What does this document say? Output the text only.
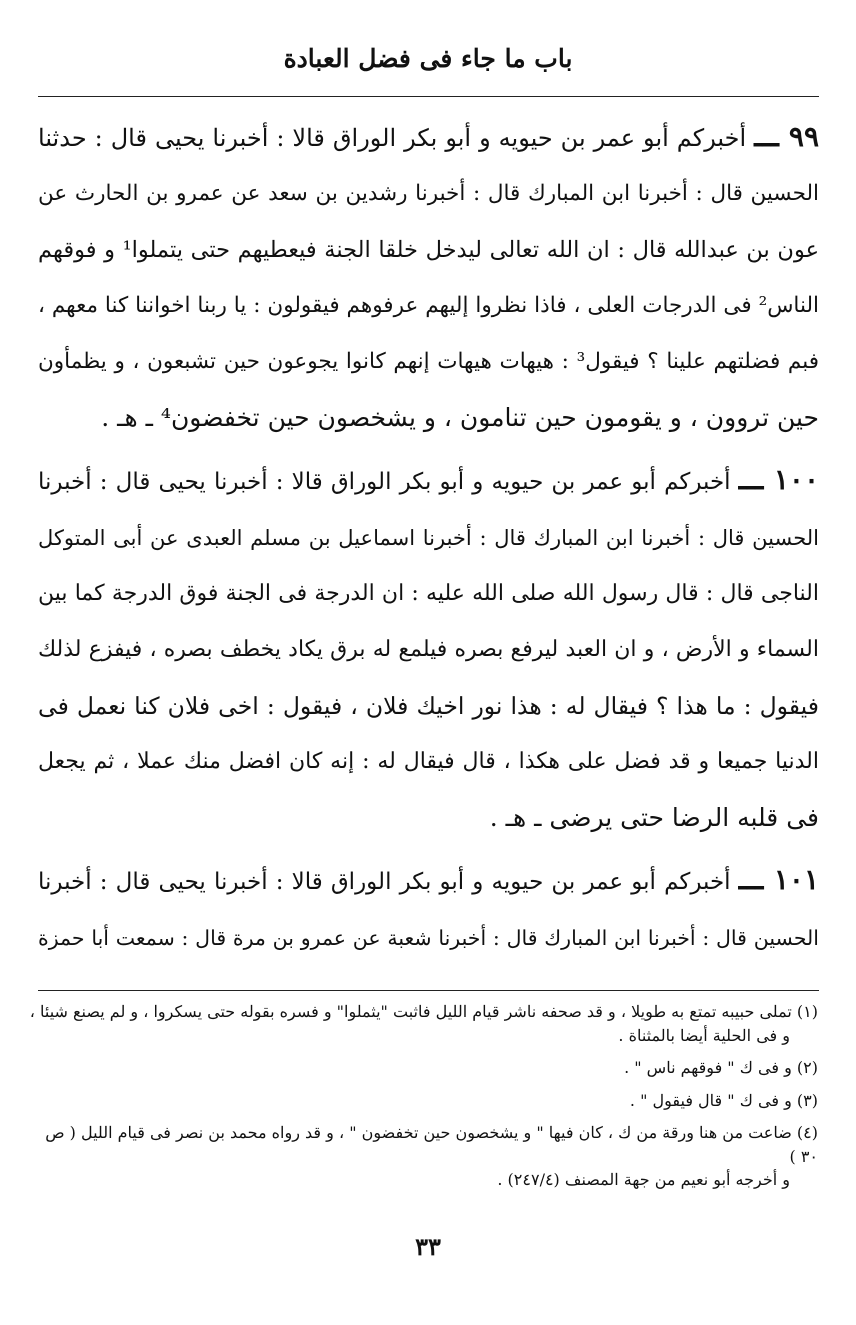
باب ما جاء فى فضل العبادة
٩٩ ـــ أخبركم أبو عمر بن حيويه و أبو بكر الوراق قالا : أخبرنا يحيى قال : حدثنا
الحسين قال : أخبرنا ابن المبارك قال : أخبرنا رشدين بن سعد عن عمرو بن الحارث عن
عون بن عبدالله قال : ان الله تعالى ليدخل خلقا الجنة فيعطيهم حتى يتملوا¹ و فوقهم
الناس² فى الدرجات العلى ، فاذا نظروا إليهم عرفوهم فيقولون : يا ربنا اخواننا كنا معهم ،
فبم فضلتهم علينا ؟ فيقول³ : هيهات هيهات إنهم كانوا يجوعون حين تشبعون ، و يظمأون
حين تروون ، و يقومون حين تنامون ، و يشخصون حين تخفضون⁴ ـ هـ .
١٠٠ ـــ أخبركم أبو عمر بن حيويه و أبو بكر الوراق قالا : أخبرنا يحيى قال : أخبرنا
الحسين قال : أخبرنا ابن المبارك قال : أخبرنا اسماعيل بن مسلم العبدى عن أبى المتوكل
الناجى قال : قال رسول الله صلى الله عليه : ان الدرجة فى الجنة فوق الدرجة كما بين
السماء و الأرض ، و ان العبد ليرفع بصره فيلمع له برق يكاد يخطف بصره ، فيفزع لذلك
فيقول : ما هذا ؟ فيقال له : هذا نور اخيك فلان ، فيقول : اخى فلان كنا نعمل فى
الدنيا جميعا و قد فضل على هكذا ، قال فيقال له : إنه كان افضل منك عملا ، ثم يجعل
فى قلبه الرضا حتى يرضى ـ هـ .
١٠١ ـــ أخبركم أبو عمر بن حيويه و أبو بكر الوراق قالا : أخبرنا يحيى قال : أخبرنا
الحسين قال : أخبرنا ابن المبارك قال : أخبرنا شعبة عن عمرو بن مرة قال : سمعت أبا حمزة
(١) تملى حبيبه تمتع به طويلا ، و قد صحفه ناشر قيام الليل فاثبت "يثملوا" و فسره بقوله حتى يسكروا ، و لم يصنع شيئا ،
و فى الحلية أيضا بالمثناة .
(٢) و فى ك " فوقهم ناس " .
(٣) و فى ك " قال فيقول " .
(٤) ضاعت من هنا ورقة من ك ، كان فيها " و يشخصون حين تخفضون " ، و قد رواه محمد بن نصر فى قيام الليل ( ص ٣٠ )
و أخرجه أبو نعيم من جهة المصنف (٢٤٧/٤) .
٣٣
